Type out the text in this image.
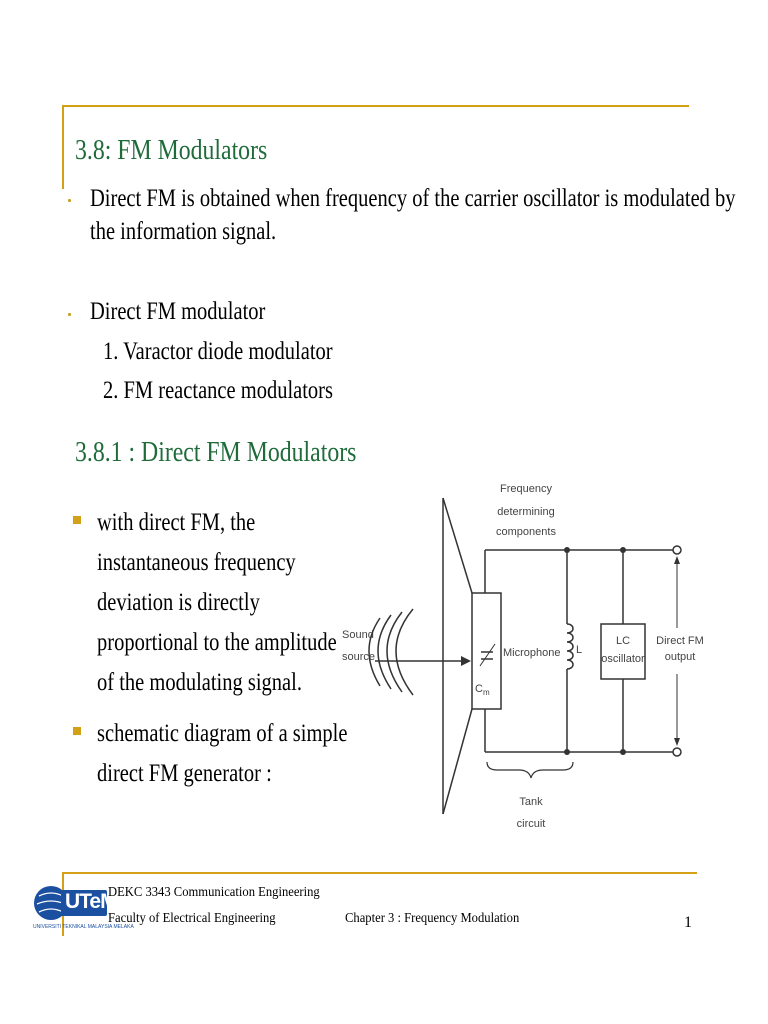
3.8: FM Modulators
Direct FM is obtained when frequency of the carrier oscillator is modulated by
the information signal.
Direct FM modulator
1. Varactor diode modulator
2. FM reactance modulators
3.8.1 : Direct FM Modulators
with direct FM, the
instantaneous frequency
deviation is directly
proportional to the amplitude
of the modulating signal.
schematic diagram of a simple
direct FM generator :
$C_m$
L
LC
oscillator
Direct FM
output
Frequency
determining
components
Microphone
Sound
source
Tank
circuit
UTeM
UNIVERSITI TEKNIKAL MALAYSIA MELAKA
DEKC 3343 Communication Engineering
Faculty of Electrical Engineering	Chapter 3 : Frequency Modulation	1
